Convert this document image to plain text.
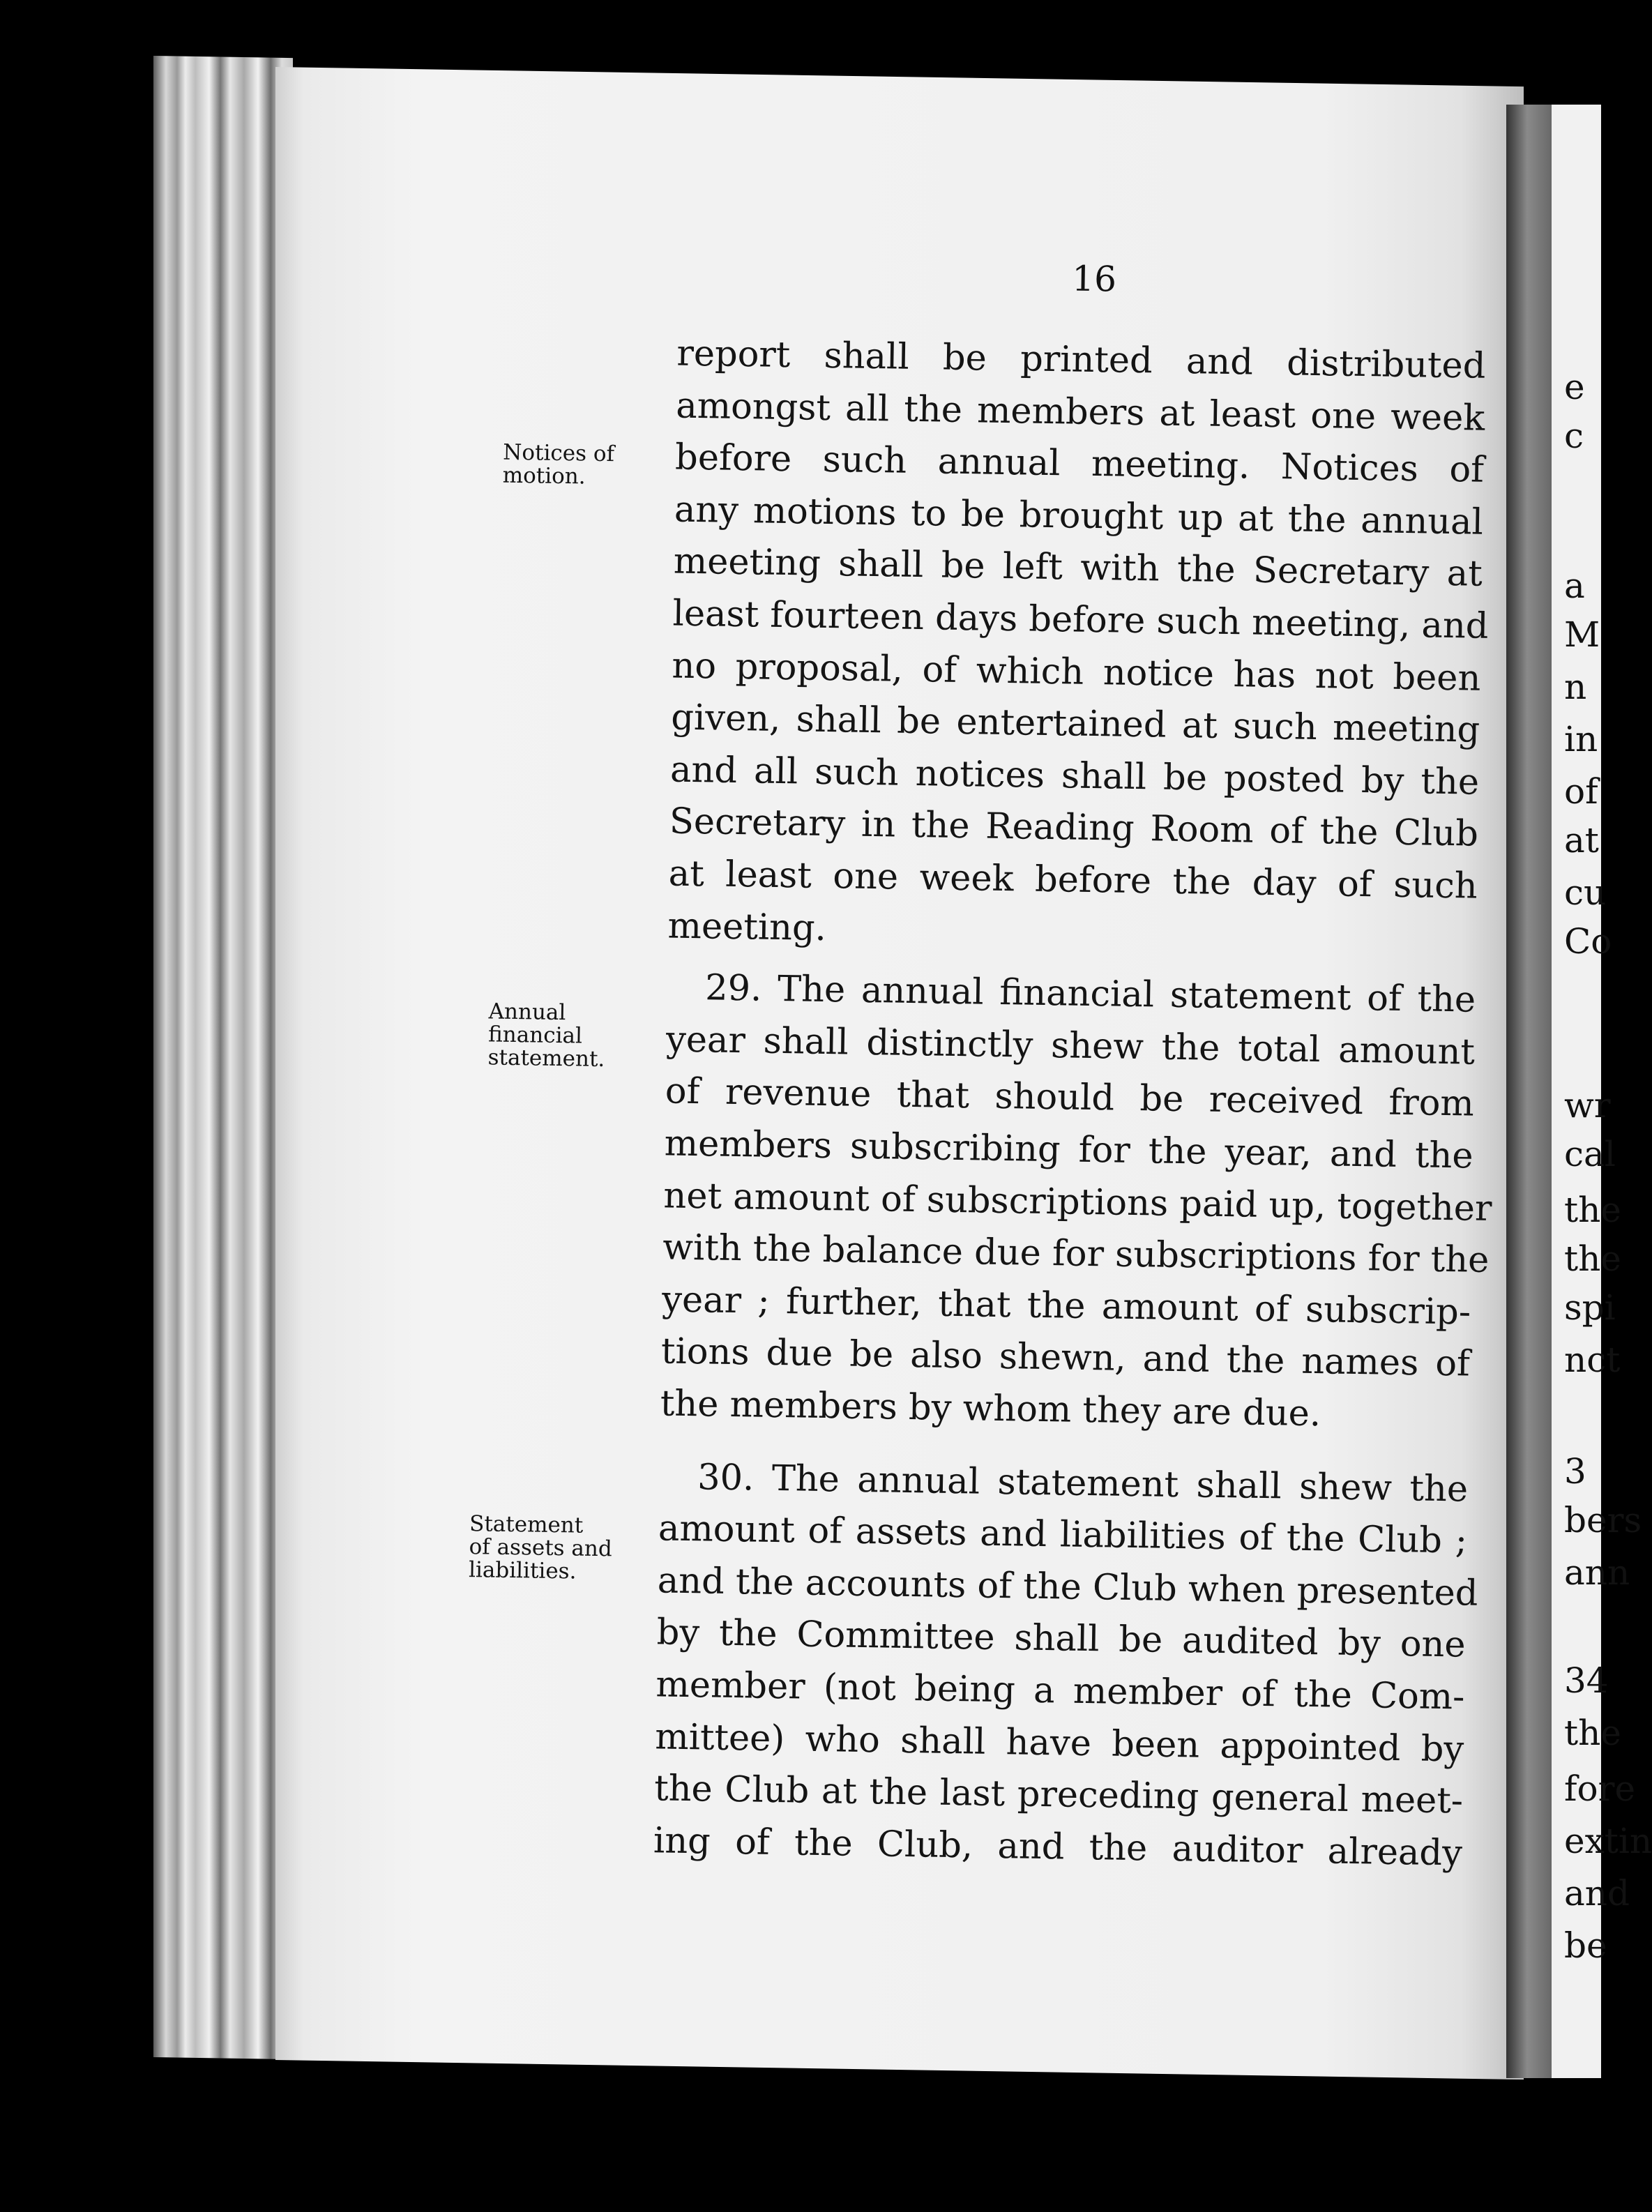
e
c
a
M
n
in
of
at
cu
Co
wr
cal
the
the
spi
nct
3
bers
ann
34
the
fore
extin
and
be
16
Notices of
motion.
Annual
financial
statement.
Statement
of assets and
liabilities.
report shall be printed and distributed
amongst all the members at least one week
before such annual meeting. Notices of
any motions to be brought up at the annual
meeting shall be left with the Secretary at
least fourteen days before such meeting, and
no proposal, of which notice has not been
given, shall be entertained at such meeting
and all such notices shall be posted by the
Secretary in the Reading Room of the Club
at least one week before the day of such
meeting.
29. The annual financial statement of the
year shall distinctly shew the total amount
of revenue that should be received from
members subscribing for the year, and the
net amount of subscriptions paid up, together
with the balance due for subscriptions for the
year ; further, that the amount of subscrip-
tions due be also shewn, and the names of
the members by whom they are due.
30. The annual statement shall shew the
amount of assets and liabilities of the Club ;
and the accounts of the Club when presented
by the Committee shall be audited by one
member (not being a member of the Com-
mittee) who shall have been appointed by
the Club at the last preceding general meet-
ing of the Club, and the auditor already
